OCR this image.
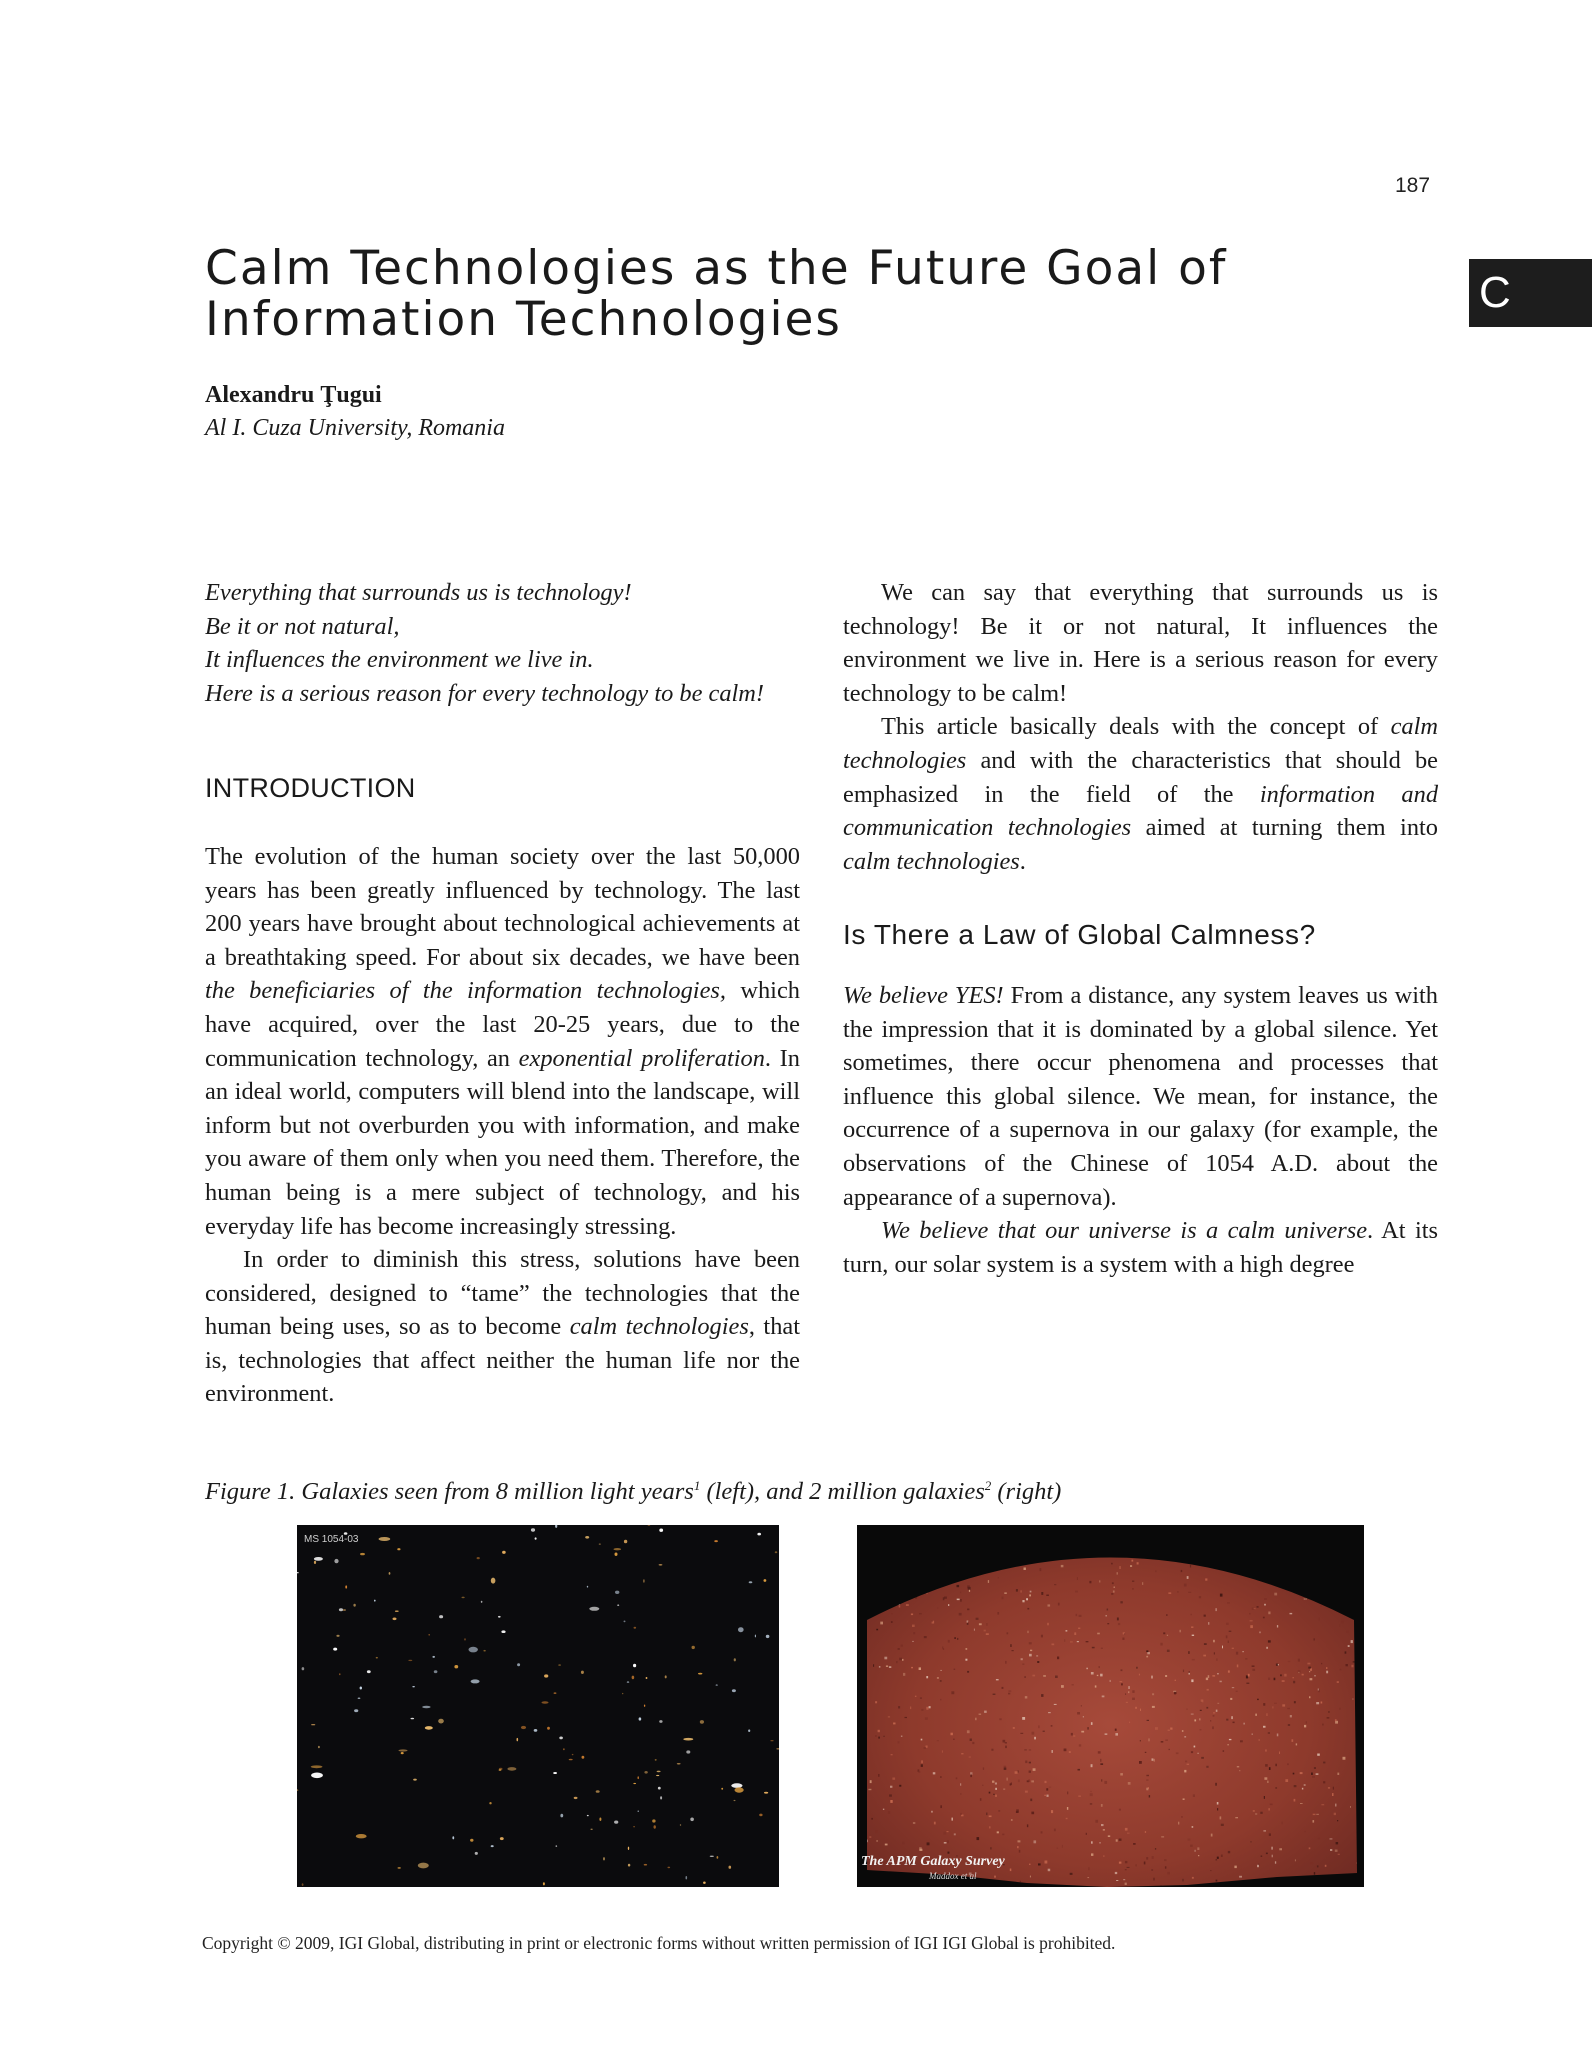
187
C
Calm Technologies as the Future Goal of
Information Technologies
Alexandru Ţugui
Al I. Cuza University, Romania
Everything that surrounds us is technology!
Be it or not natural,
It influences the environment we live in.
Here is a serious reason for every technology to be calm!
INTRODUCTION

The evolution of the human society over the last 50,000 years has been greatly influenced by technology. The last 200 years have brought about technological achievements at a breathtaking speed. For about six decades, we have been the beneficiaries of the information technologies, which have acquired, over the last 20-25 years, due to the communication technology, an exponential proliferation. In an ideal world, computers will blend into the landscape, will inform but not overburden you with information, and make you aware of them only when you need them. Therefore, the human being is a mere subject of technology, and his everyday life has become increasingly stressing.

In order to diminish this stress, solutions have been considered, designed to “tame” the technologies that the human being uses, so as to become calm technologies, that is, technologies that affect neither the human life nor the environment.

We can say that everything that surrounds us is technology! Be it or not natural, It influences the environment we live in. Here is a serious reason for every technology to be calm!

This article basically deals with the concept of calm technologies and with the characteristics that should be emphasized in the field of the information and communication technologies aimed at turning them into calm technologies.

Is There a Law of Global Calmness?

We believe YES! From a distance, any system leaves us with the impression that it is dominated by a global silence. Yet sometimes, there occur phenomena and processes that influence this global silence. We mean, for instance, the occurrence of a supernova in our galaxy (for example, the observations of the Chinese of 1054 A.D. about the appearance of a supernova).

We believe that our universe is a calm universe. At its turn, our solar system is a system with a high degree

Figure 1. Galaxies seen from 8 million light years$^1$ (left), and 2 million galaxies$^2$ (right)
MS 1054-03
The APM Galaxy Survey
Maddox et al
Copyright © 2009, IGI Global, distributing in print or electronic forms without written permission of IGI IGI Global is prohibited.
